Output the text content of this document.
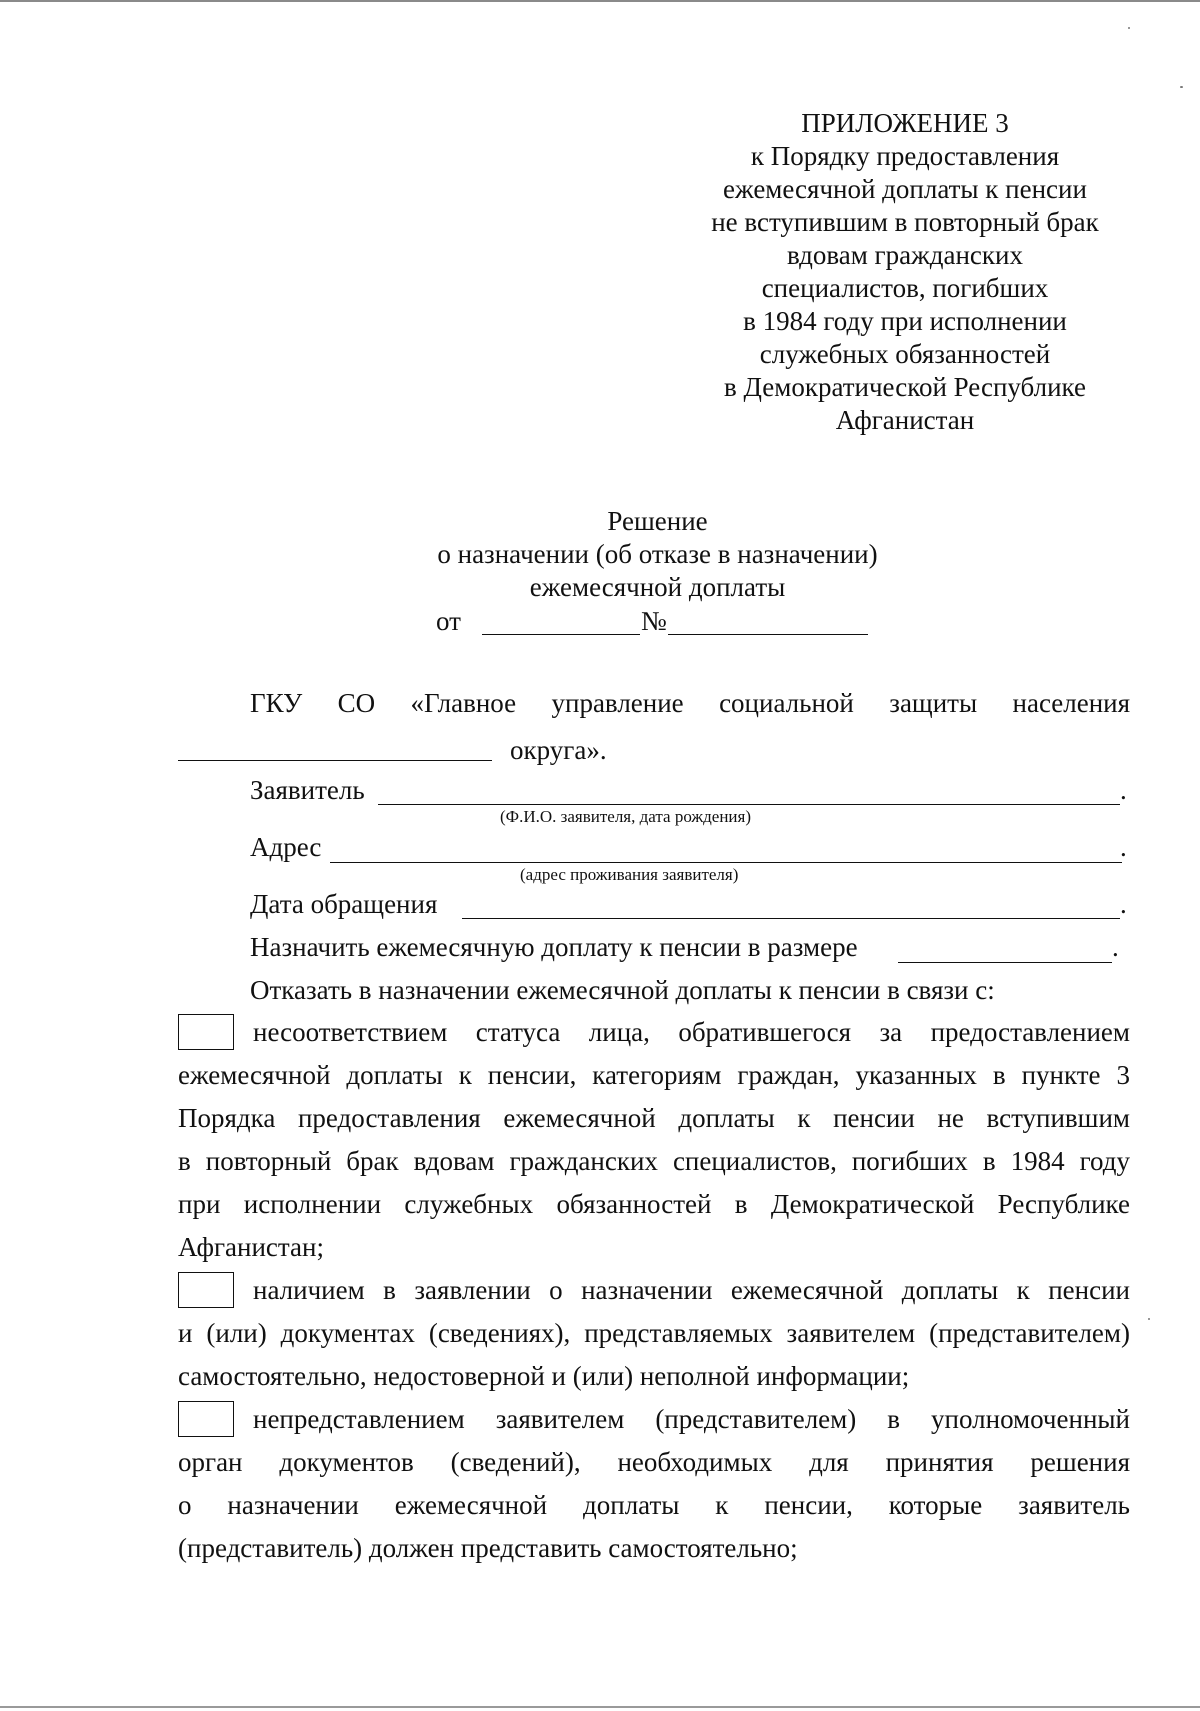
ПРИЛОЖЕНИЕ 3
к Порядку предоставления
ежемесячной доплаты к пенсии
не вступившим в повторный брак
вдовам гражданских
специалистов, погибших
в 1984 году при исполнении
служебных обязанностей
в Демократической Республике
Афганистан
Решение
о назначении (об отказе в назначении)
ежемесячной доплаты
от	№
ГКУ СО «Главное управление социальной защиты населения
округа».
Заявитель	.
(Ф.И.О. заявителя, дата рождения)
Адрес	.
(адрес проживания заявителя)
Дата обращения	.
Назначить ежемесячную доплату к пенсии в размере	.
Отказать в назначении ежемесячной доплаты к пенсии в связи с:
несоответствием статуса лица, обратившегося за предоставлением
ежемесячной доплаты к пенсии, категориям граждан, указанных в пункте 3
Порядка предоставления ежемесячной доплаты к пенсии не вступившим
в повторный брак вдовам гражданских специалистов, погибших в 1984 году
при исполнении служебных обязанностей в Демократической Республике
Афганистан;
наличием в заявлении о назначении ежемесячной доплаты к пенсии
и (или) документах (сведениях), представляемых заявителем (представителем)
самостоятельно, недостоверной и (или) неполной информации;
непредставлением заявителем (представителем) в уполномоченный
орган документов (сведений), необходимых для принятия решения
о назначении ежемесячной доплаты к пенсии, которые заявитель
(представитель) должен представить самостоятельно;
